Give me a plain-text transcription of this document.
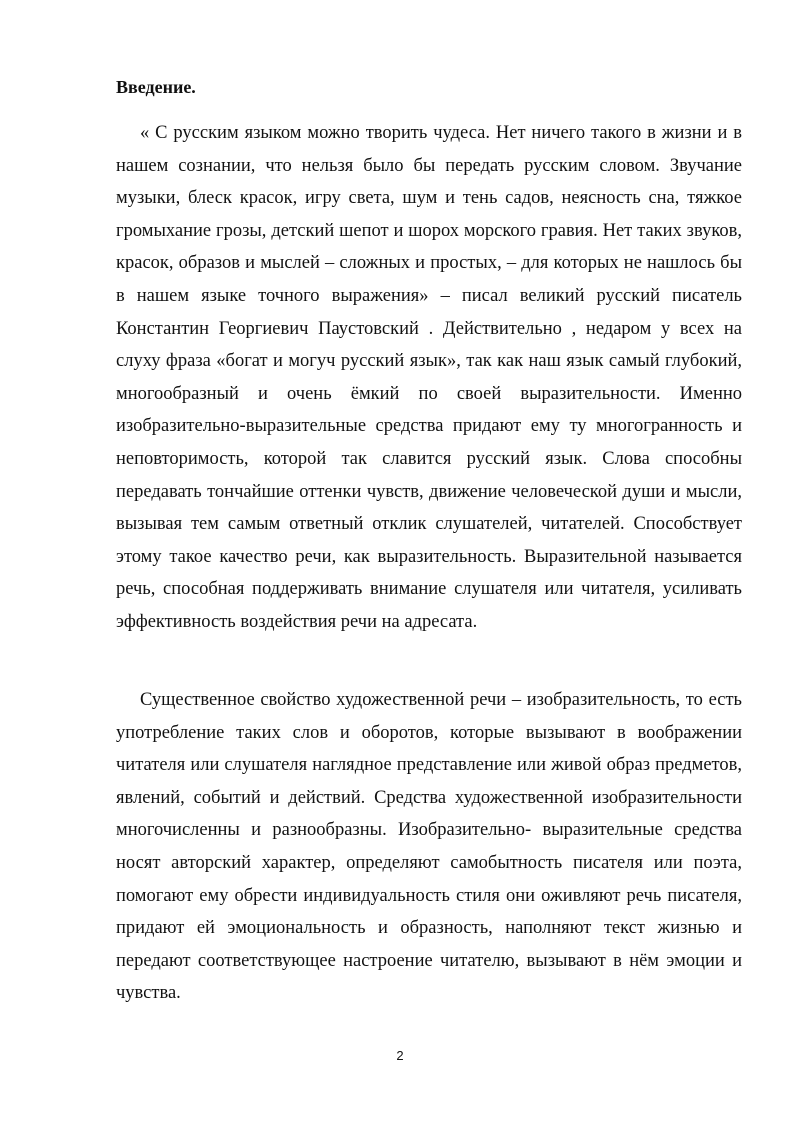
Введение.

« С русским языком можно творить чудеса. Нет ничего такого в жизни и в нашем сознании, что нельзя было бы передать русским словом. Звучание музыки, блеск красок, игру света, шум и тень садов, неясность сна, тяжкое громыхание грозы, детский шепот и шорох морского гравия. Нет таких звуков, красок, образов и мыслей – сложных и простых, – для которых не нашлось бы в нашем языке точного выражения» – писал великий русский писатель Константин Георгиевич Паустовский . Действительно , недаром у всех на слуху фраза «богат и могуч русский язык», так как наш язык самый глубокий, многообразный и очень ёмкий по своей выразительности. Именно изобразительно-выразительные средства придают ему ту многогранность и неповторимость, которой так славится русский язык. Слова способны передавать тончайшие оттенки чувств, движение человеческой души и мысли, вызывая тем самым ответный отклик слушателей, читателей. Способствует этому такое качество речи, как выразительность. Выразительной называется речь, способная поддерживать внимание слушателя или читателя, усиливать эффективность воздействия речи на адресата.

Существенное свойство художественной речи – изобразительность, то есть употребление таких слов и оборотов, которые вызывают в воображении читателя или слушателя наглядное представление или живой образ предметов, явлений, событий и действий. Средства художественной изобразительности многочисленны и разнообразны. Изобразительно- выразительные средства носят авторский характер, определяют самобытность писателя или поэта, помогают ему обрести индивидуальность стиля они оживляют речь писателя, придают ей эмоциональность и образность, наполняют текст жизнью и передают соответствующее настроение читателю, вызывают в нём эмоции и чувства.

2
